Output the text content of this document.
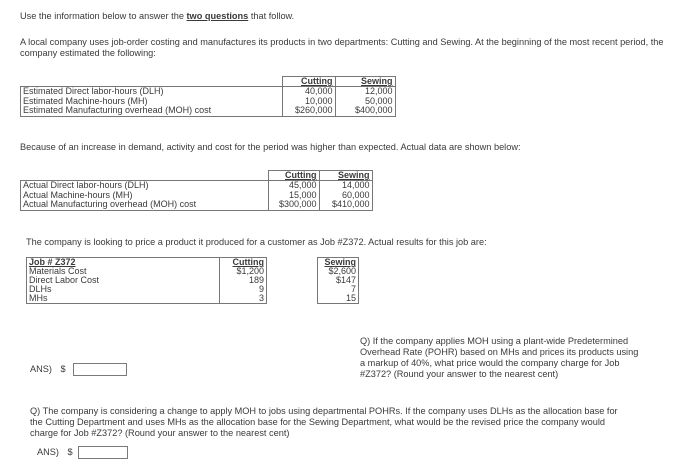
Use the information below to answer the two questions that follow.
A local company uses job-order costing and manufactures its products in two departments: Cutting and Sewing. At the beginning of the most recent period, the company estimated the following:
	Cutting	Sewing
Estimated Direct labor-hours (DLH)	40,000	12,000
Estimated Machine-hours (MH)	10,000	50,000
Estimated Manufacturing overhead (MOH) cost	$260,000	$400,000
Because of an increase in demand, activity and cost for the period was higher than expected. Actual data are shown below:
	Cutting	Sewing
Actual Direct labor-hours (DLH)	45,000	14,000
Actual Machine-hours (MH)	15,000	60,000
Actual Manufacturing overhead (MOH) cost	$300,000	$410,000
The company is looking to price a product it produced for a customer as Job #Z372. Actual results for this job are:
Job # Z372	Cutting		Sewing
Materials Cost	$1,200		$2,600
Direct Labor Cost	189		$147
DLHs	9		7
MHs	3		15
Q) If the company applies MOH using a plant-wide Predetermined Overhead Rate (POHR) based on MHs and prices its products using a markup of 40%, what price would the company charge for Job #Z372? (Round your answer to the nearest cent)
ANS) $
Q) The company is considering a change to apply MOH to jobs using departmental POHRs. If the company uses DLHs as the allocation base for the Cutting Department and uses MHs as the allocation base for the Sewing Department, what would be the revised price the company would charge for Job #Z372? (Round your answer to the nearest cent)
ANS) $
